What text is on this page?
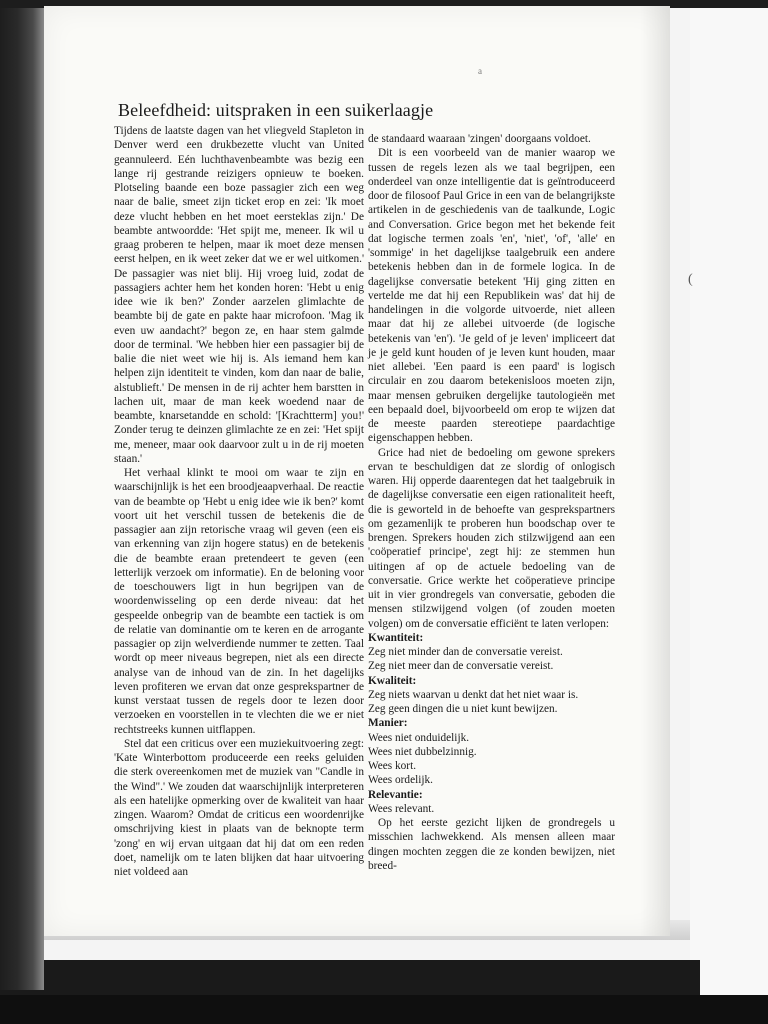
a
(
Beleefdheid: uitspraken in een suikerlaagje

Tijdens de laatste dagen van het vliegveld Stapleton in Denver werd een drukbezette vlucht van United geannuleerd. Eén luchthavenbeambte was bezig een lange rij gestrande reizigers opnieuw te boeken. Plotseling baande een boze passagier zich een weg naar de balie, smeet zijn ticket erop en zei: 'Ik moet deze vlucht hebben en het moet eersteklas zijn.' De beambte antwoordde: 'Het spijt me, meneer. Ik wil u graag proberen te helpen, maar ik moet deze mensen eerst helpen, en ik weet zeker dat we er wel uitkomen.' De passagier was niet blij. Hij vroeg luid, zodat de passagiers achter hem het konden horen: 'Hebt u enig idee wie ik ben?' Zonder aarzelen glimlachte de beambte bij de gate en pakte haar microfoon. 'Mag ik even uw aandacht?' begon ze, en haar stem galmde door de terminal. 'We hebben hier een passagier bij de balie die niet weet wie hij is. Als iemand hem kan helpen zijn identiteit te vinden, kom dan naar de balie, alstublieft.' De mensen in de rij achter hem barstten in lachen uit, maar de man keek woedend naar de beambte, knarsetandde en schold: '[Krachtterm] you!' Zonder terug te deinzen glimlachte ze en zei: 'Het spijt me, meneer, maar ook daarvoor zult u in de rij moeten staan.'

Het verhaal klinkt te mooi om waar te zijn en waarschijnlijk is het een broodjeaapverhaal. De reactie van de beambte op 'Hebt u enig idee wie ik ben?' komt voort uit het verschil tussen de betekenis die de passagier aan zijn retorische vraag wil geven (een eis van erkenning van zijn hogere status) en de betekenis die de beambte eraan pretendeert te geven (een letterlijk verzoek om informatie). En de beloning voor de toeschouwers ligt in hun begrijpen van de woordenwisseling op een derde niveau: dat het gespeelde onbegrip van de beambte een tactiek is om de relatie van dominantie om te keren en de arrogante passagier op zijn welverdiende nummer te zetten. Taal wordt op meer niveaus begrepen, niet als een directe analyse van de inhoud van de zin. In het dagelijks leven profiteren we ervan dat onze gesprekspartner de kunst verstaat tussen de regels door te lezen door verzoeken en voorstellen in te vlechten die we er niet rechtstreeks kunnen uitflappen.

Stel dat een criticus over een muziekuitvoering zegt: 'Kate Winterbottom produceerde een reeks geluiden die sterk overeenkomen met de muziek van "Candle in the Wind".' We zouden dat waarschijnlijk interpreteren als een hatelijke opmerking over de kwaliteit van haar zingen. Waarom? Omdat de criticus een woordenrijke omschrijving kiest in plaats van de beknopte term 'zong' en wij ervan uitgaan dat hij dat om een reden doet, namelijk om te laten blijken dat haar uitvoering niet voldeed aan

de standaard waaraan 'zingen' doorgaans voldoet.

Dit is een voorbeeld van de manier waarop we tussen de regels lezen als we taal begrijpen, een onderdeel van onze intelligentie dat is geïntroduceerd door de filosoof Paul Grice in een van de belangrijkste artikelen in de geschiedenis van de taalkunde, Logic and Conversation. Grice begon met het bekende feit dat logische termen zoals 'en', 'niet', 'of', 'alle' en 'sommige' in het dagelijkse taalgebruik een andere betekenis hebben dan in de formele logica. In de dagelijkse conversatie betekent 'Hij ging zitten en vertelde me dat hij een Republikein was' dat hij de handelingen in die volgorde uitvoerde, niet alleen maar dat hij ze allebei uitvoerde (de logische betekenis van 'en'). 'Je geld of je leven' impliceert dat je je geld kunt houden of je leven kunt houden, maar niet allebei. 'Een paard is een paard' is logisch circulair en zou daarom betekenisloos moeten zijn, maar mensen gebruiken dergelijke tautologieën met een bepaald doel, bijvoorbeeld om erop te wijzen dat de meeste paarden stereotiepe paardachtige eigenschappen hebben.

Grice had niet de bedoeling om gewone sprekers ervan te beschuldigen dat ze slordig of onlogisch waren. Hij opperde daarentegen dat het taalgebruik in de dagelijkse conversatie een eigen rationaliteit heeft, die is geworteld in de behoefte van gesprekspartners om gezamenlijk te proberen hun boodschap over te brengen. Sprekers houden zich stilzwijgend aan een 'coöperatief principe', zegt hij: ze stemmen hun uitingen af op de actuele bedoeling van de conversatie. Grice werkte het coöperatieve principe uit in vier grondregels van conversatie, geboden die mensen stilzwijgend volgen (of zouden moeten volgen) om de conversatie efficiënt te laten verlopen:

Kwantiteit:

Zeg niet minder dan de conversatie vereist.

Zeg niet meer dan de conversatie vereist.

Kwaliteit:

Zeg niets waarvan u denkt dat het niet waar is.

Zeg geen dingen die u niet kunt bewijzen.

Manier:

Wees niet onduidelijk.

Wees niet dubbelzinnig.

Wees kort.

Wees ordelijk.

Relevantie:

Wees relevant.

Op het eerste gezicht lijken de grondregels u misschien lachwekkend. Als mensen alleen maar dingen mochten zeggen die ze konden bewijzen, niet breed-
